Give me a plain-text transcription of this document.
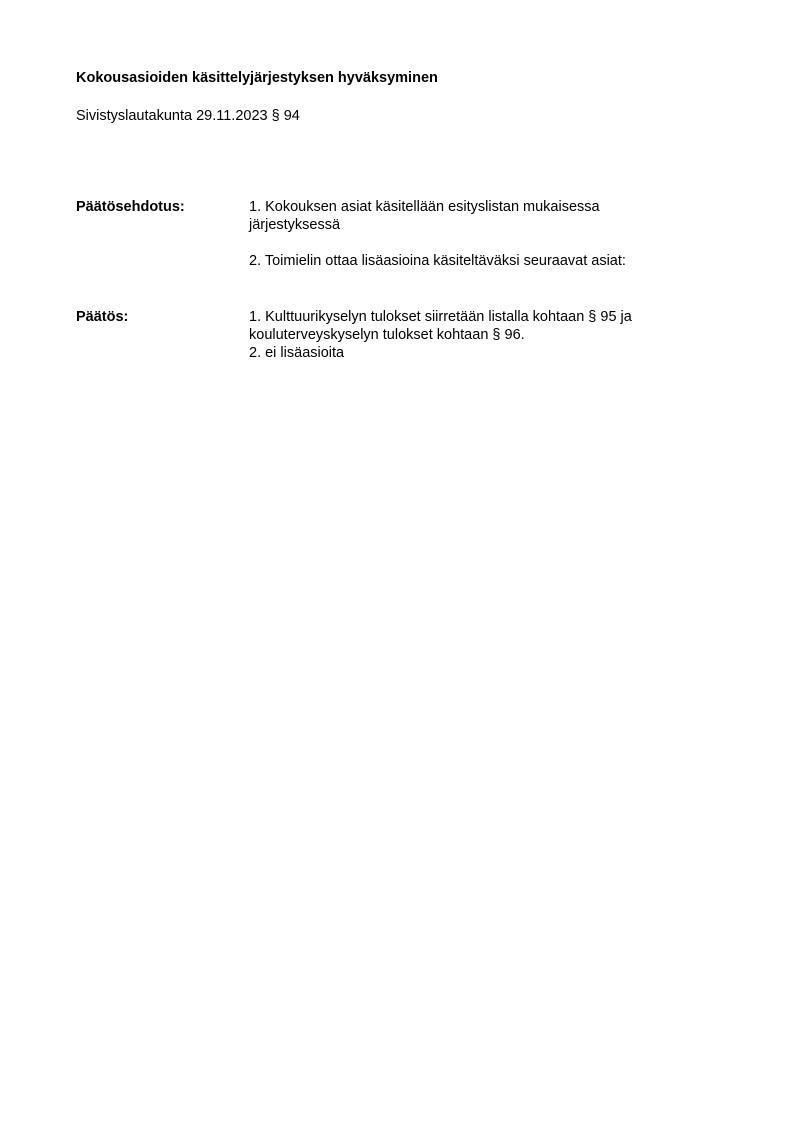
Kokousasioiden käsittelyjärjestyksen hyväksyminen
Sivistyslautakunta 29.11.2023 § 94
Päätösehdotus:	1. Kokouksen asiat käsitellään esityslistan mukaisessa
järjestyksessä
2. Toimielin ottaa lisäasioina käsiteltäväksi seuraavat asiat:
Päätös:	1. Kulttuurikyselyn tulokset siirretään listalla kohtaan § 95 ja
kouluterveyskyselyn tulokset kohtaan § 96.
2. ei lisäasioita
